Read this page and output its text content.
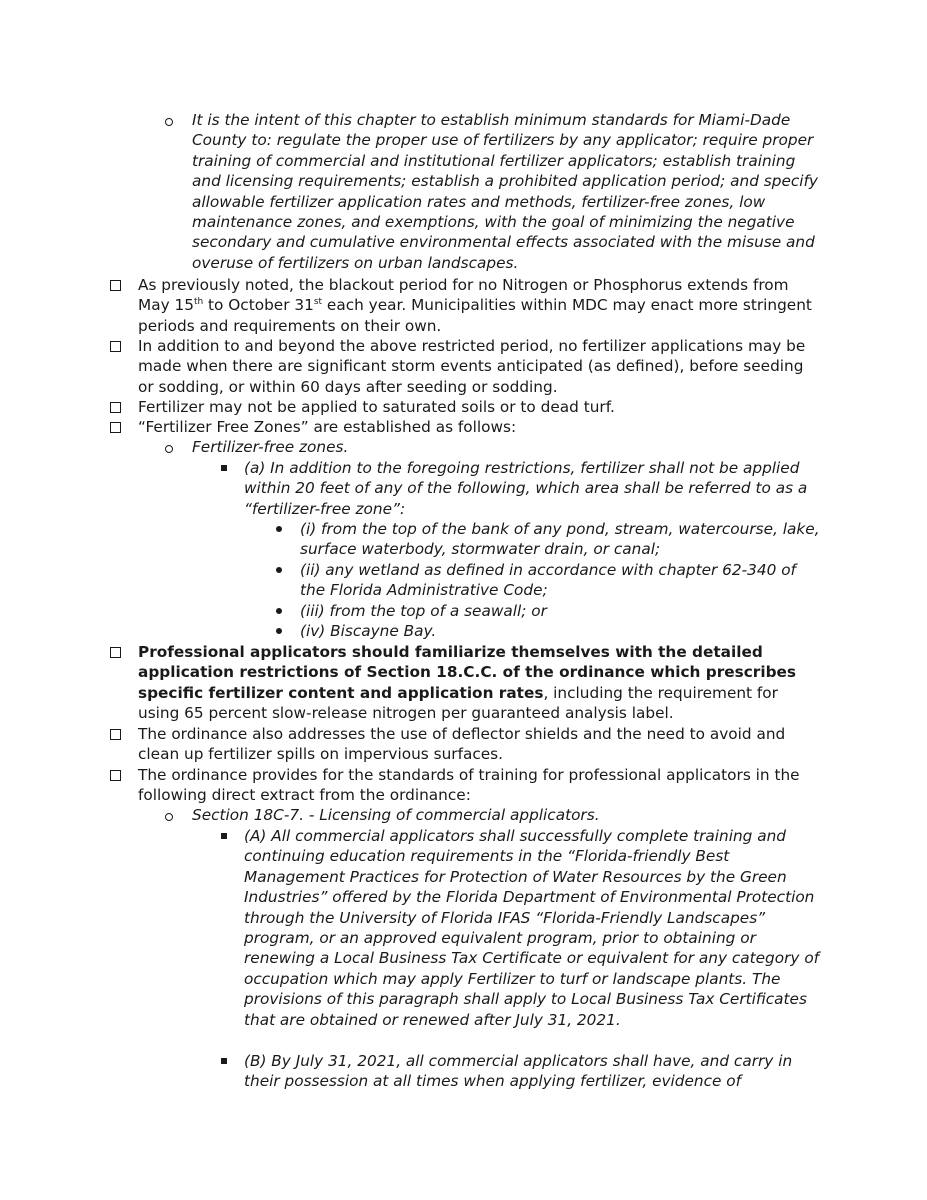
It is the intent of this chapter to establish minimum standards for Miami-Dade County to: regulate the proper use of fertilizers by any applicator; require proper training of commercial and institutional fertilizer applicators; establish training and licensing requirements; establish a prohibited application period; and specify allowable fertilizer application rates and methods, fertilizer-free zones, low maintenance zones, and exemptions, with the goal of minimizing the negative secondary and cumulative environmental effects associated with the misuse and overuse of fertilizers on urban landscapes.

As previously noted, the blackout period for no Nitrogen or Phosphorus extends from May 15th to October 31st each year. Municipalities within MDC may enact more stringent periods and requirements on their own.

In addition to and beyond the above restricted period, no fertilizer applications may be made when there are significant storm events anticipated (as defined), before seeding or sodding, or within 60 days after seeding or sodding.

Fertilizer may not be applied to saturated soils or to dead turf.

“Fertilizer Free Zones” are established as follows:

Fertilizer-free zones.

(a) In addition to the foregoing restrictions, fertilizer shall not be applied within 20 feet of any of the following, which area shall be referred to as a “fertilizer-free zone”:

(i) from the top of the bank of any pond, stream, watercourse, lake, surface waterbody, stormwater drain, or canal;

(ii) any wetland as defined in accordance with chapter 62-340 of the Florida Administrative Code;

(iii) from the top of a seawall; or

(iv) Biscayne Bay.

Professional applicators should familiarize themselves with the detailed application restrictions of Section 18.C.C. of the ordinance which prescribes specific fertilizer content and application rates, including the requirement for using 65 percent slow-release nitrogen per guaranteed analysis label.

The ordinance also addresses the use of deflector shields and the need to avoid and clean up fertilizer spills on impervious surfaces.

The ordinance provides for the standards of training for professional applicators in the following direct extract from the ordinance:

Section 18C-7. - Licensing of commercial applicators.

(A) All commercial applicators shall successfully complete training and continuing education requirements in the “Florida-friendly Best Management Practices for Protection of Water Resources by the Green Industries” offered by the Florida Department of Environmental Protection through the University of Florida IFAS “Florida-Friendly Landscapes” program, or an approved equivalent program, prior to obtaining or renewing a Local Business Tax Certificate or equivalent for any category of occupation which may apply Fertilizer to turf or landscape plants. The provisions of this paragraph shall apply to Local Business Tax Certificates that are obtained or renewed after July 31, 2021.

(B) By July 31, 2021, all commercial applicators shall have, and carry in their possession at all times when applying fertilizer, evidence of
